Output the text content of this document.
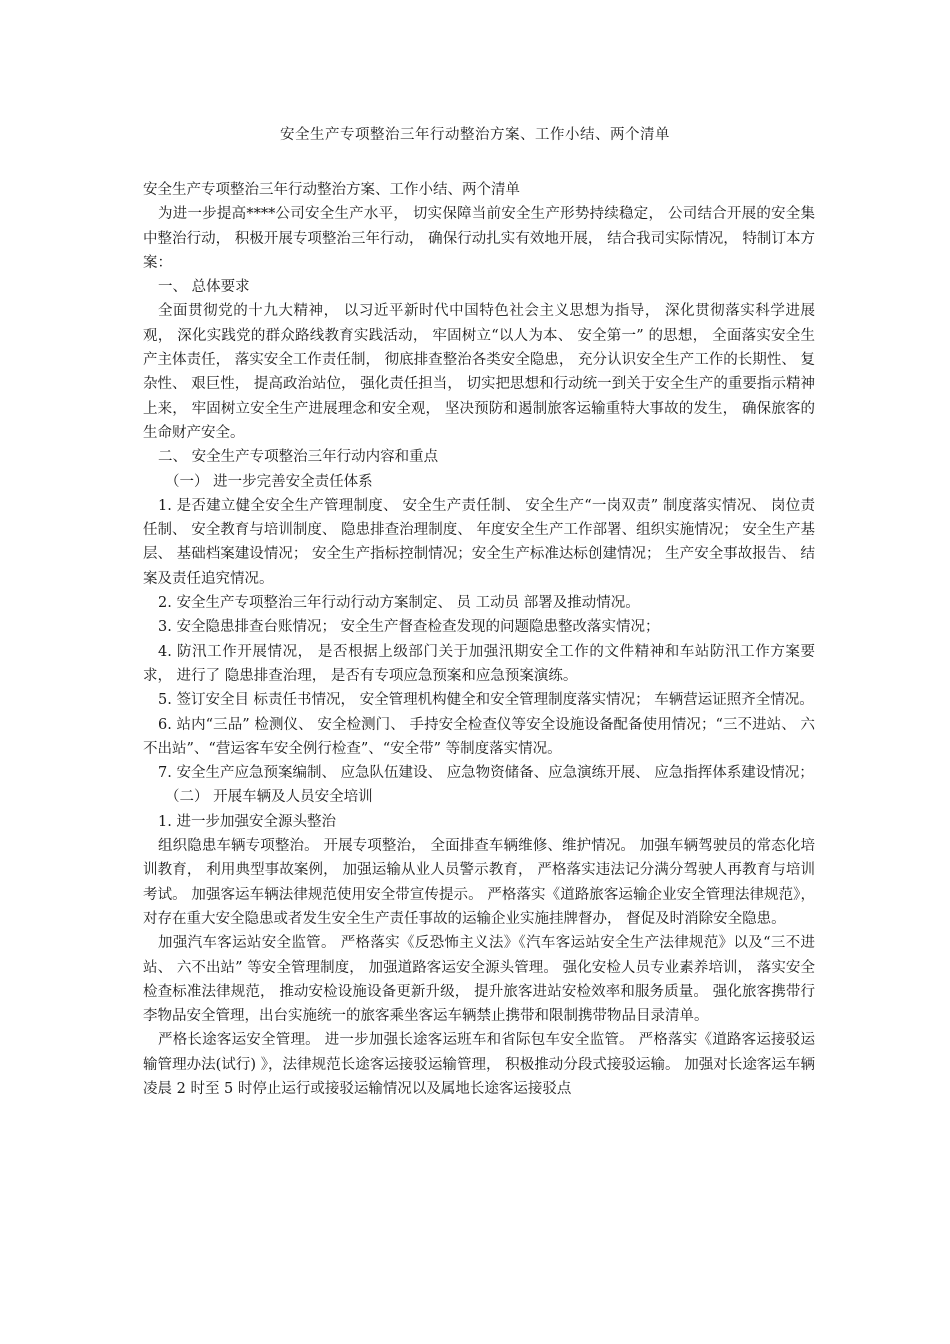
安全生产专项整治三年行动整治方案、工作小结、两个清单

安全生产专项整治三年行动整治方案、工作小结、两个清单

为进一步提高****公司安全生产水平， 切实保障当前安全生产形势持续稳定， 公司结合开展的安全集中整治行动， 积极开展专项整治三年行动， 确保行动扎实有效地开展， 结合我司实际情况， 特制订本方案：

一、 总体要求

全面贯彻党的十九大精神， 以习近平新时代中国特色社会主义思想为指导， 深化贯彻落实科学进展观， 深化实践党的群众路线教育实践活动， 牢固树立“以人为本、 安全第一” 的思想， 全面落实安全生产主体责任， 落实安全工作责任制， 彻底排查整治各类安全隐患， 充分认识安全生产工作的长期性、 复杂性、 艰巨性， 提高政治站位， 强化责任担当， 切实把思想和行动统一到关于安全生产的重要指示精神上来， 牢固树立安全生产进展理念和安全观， 坚决预防和遏制旅客运输重特大事故的发生， 确保旅客的生命财产安全。

二、 安全生产专项整治三年行动内容和重点

（一） 进一步完善安全责任体系

1. 是否建立健全安全生产管理制度、 安全生产责任制、 安全生产“一岗双责” 制度落实情况、 岗位责任制、 安全教育与培训制度、 隐患排查治理制度、 年度安全生产工作部署、组织实施情况； 安全生产基层、 基础档案建设情况； 安全生产指标控制情况；安全生产标准达标创建情况； 生产安全事故报告、 结案及责任追究情况。

2. 安全生产专项整治三年行动行动方案制定、 员 工动员 部署及推动情况。

3. 安全隐患排查台账情况； 安全生产督查检查发现的问题隐患整改落实情况；

4. 防汛工作开展情况， 是否根据上级部门关于加强汛期安全工作的文件精神和车站防汛工作方案要求， 进行了 隐患排查治理， 是否有专项应急预案和应急预案演练。

5. 签订安全目 标责任书情况， 安全管理机构健全和安全管理制度落实情况； 车辆营运证照齐全情况。

6. 站内“三品” 检测仪、 安全检测门、 手持安全检查仪等安全设施设备配备使用情况；“三不进站、 六不出站”、“营运客车安全例行检查”、“安全带” 等制度落实情况。

7. 安全生产应急预案编制、 应急队伍建设、 应急物资储备、应急演练开展、 应急指挥体系建设情况；

（二） 开展车辆及人员安全培训

1. 进一步加强安全源头整治

组织隐患车辆专项整治。 开展专项整治， 全面排查车辆维修、维护情况。 加强车辆驾驶员的常态化培训教育， 利用典型事故案例， 加强运输从业人员警示教育， 严格落实违法记分满分驾驶人再教育与培训考试。 加强客运车辆法律规范使用安全带宣传提示。 严格落实《道路旅客运输企业安全管理法律规范》， 对存在重大安全隐患或者发生安全生产责任事故的运输企业实施挂牌督办， 督促及时消除安全隐患。

加强汽车客运站安全监管。 严格落实《反恐怖主义法》《汽车客运站安全生产法律规范》以及“三不进站、 六不出站” 等安全管理制度， 加强道路客运安全源头管理。 强化安检人员专业素养培训， 落实安全检查标准法律规范， 推动安检设施设备更新升级， 提升旅客进站安检效率和服务质量。 强化旅客携带行李物品安全管理，出台实施统一的旅客乘坐客运车辆禁止携带和限制携带物品目录清单。

严格长途客运安全管理。 进一步加强长途客运班车和省际包车安全监管。 严格落实《道路客运接驳运输管理办法(试行) 》，法律规范长途客运接驳运输管理， 积极推动分段式接驳运输。 加强对长途客运车辆凌晨 2 时至 5 时停止运行或接驳运输情况以及属地长途客运接驳点
